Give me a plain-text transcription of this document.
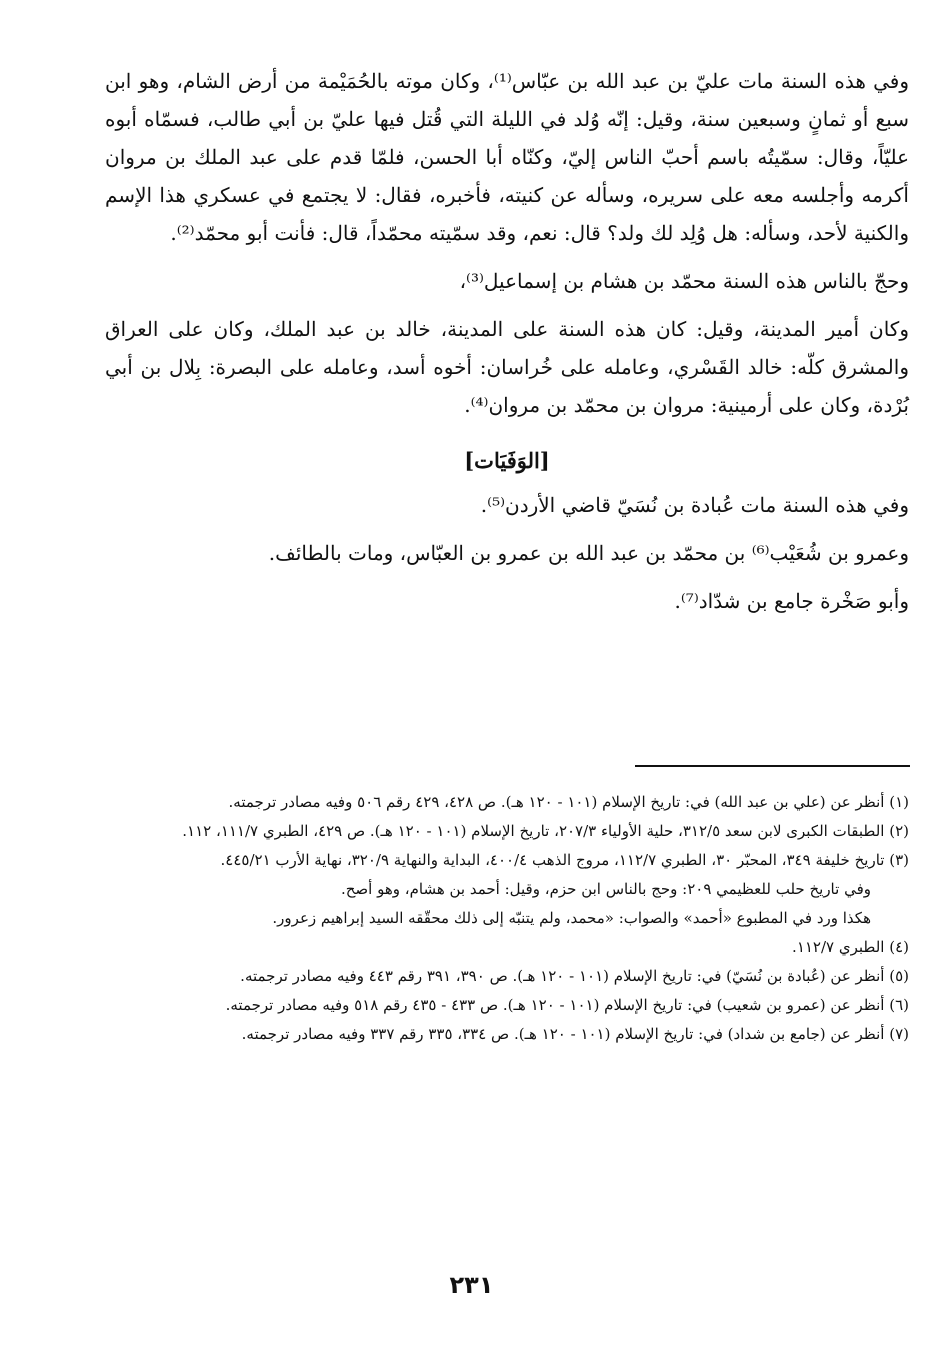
وفي هذه السنة مات عليّ بن عبد الله بن عبّاس⁽¹⁾، وكان موته بالحُمَيْمة من أرض الشام، وهو ابن سبع أو ثمانٍ وسبعين سنة، وقيل: إنّه وُلد في الليلة التي قُتل فيها عليّ بن أبي طالب، فسمّاه أبوه عليّاً، وقال: سمّيتُه باسم أحبّ الناس إليّ، وكنّاه أبا الحسن، فلمّا قدم على عبد الملك بن مروان أكرمه وأجلسه معه على سريره، وسأله عن كنيته، فأخبره، فقال: لا يجتمع في عسكري هذا الإسم والكنية لأحد، وسأله: هل وُلِد لك ولد؟ قال: نعم، وقد سمّيته محمّداً، قال: فأنت أبو محمّد⁽²⁾.

وحجّ بالناس هذه السنة محمّد بن هشام بن إسماعيل⁽³⁾،

وكان أمير المدينة، وقيل: كان هذه السنة على المدينة، خالد بن عبد الملك، وكان على العراق والمشرق كلّه: خالد القَسْري، وعامله على خُراسان: أخوه أسد، وعامله على البصرة: بِلال بن أبي بُرْدة، وكان على أرمينية: مروان بن محمّد بن مروان⁽⁴⁾.

[الوَفَيَات]

وفي هذه السنة مات عُبادة بن نُسَيّ قاضي الأردن⁽⁵⁾.

وعمرو بن شُعَيْب⁽⁶⁾ بن محمّد بن عبد الله بن عمرو بن العبّاس، ومات بالطائف.

وأبو صَخْرة جامع بن شدّاد⁽⁷⁾.

(١) أنظر عن (علي بن عبد الله) في: تاريخ الإسلام (١٠١ - ١٢٠ هـ). ص ٤٢٨، ٤٢٩ رقم ٥٠٦ وفيه مصادر ترجمته.

(٢) الطبقات الكبرى لابن سعد ٣١٢/٥، حلية الأولياء ٢٠٧/٣، تاريخ الإسلام (١٠١ - ١٢٠ هـ). ص ٤٢٩، الطبري ١١١/٧، ١١٢.

(٣) تاريخ خليفة ٣٤٩، المحبّر ٣٠، الطبري ١١٢/٧، مروج الذهب ٤٠٠/٤، البداية والنهاية ٣٢٠/٩، نهاية الأرب ٤٤٥/٢١.

وفي تاريخ حلب للعظيمي ٢٠٩: وحج بالناس ابن حزم، وقيل: أحمد بن هشام، وهو أصح.

هكذا ورد في المطبوع «أحمد» والصواب: «محمد، ولم يتنبّه إلى ذلك محقّقه السيد إبراهيم زعرور.

(٤) الطبري ١١٢/٧.

(٥) أنظر عن (عُبادة بن نُسَيّ) في: تاريخ الإسلام (١٠١ - ١٢٠ هـ). ص ٣٩٠، ٣٩١ رقم ٤٤٣ وفيه مصادر ترجمته.

(٦) أنظر عن (عمرو بن شعيب) في: تاريخ الإسلام (١٠١ - ١٢٠ هـ). ص ٤٣٣ - ٤٣٥ رقم ٥١٨ وفيه مصادر ترجمته.

(٧) أنظر عن (جامع بن شداد) في: تاريخ الإسلام (١٠١ - ١٢٠ هـ). ص ٣٣٤، ٣٣٥ رقم ٣٣٧ وفيه مصادر ترجمته.

٢٣١
